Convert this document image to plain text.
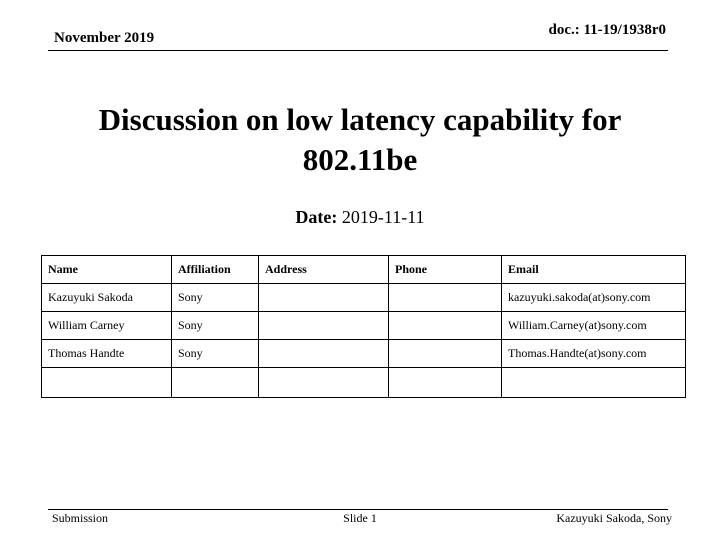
November 2019	doc.: 11-19/1938r0
Discussion on low latency capability for 802.11be
Date: 2019-11-11
Name	Affiliation	Address	Phone	Email
Kazuyuki Sakoda	Sony			kazuyuki.sakoda(at)sony.com
William Carney	Sony			William.Carney(at)sony.com
Thomas Handte	Sony			Thomas.Handte(at)sony.com

Submission	Slide 1	Kazuyuki Sakoda, Sony
